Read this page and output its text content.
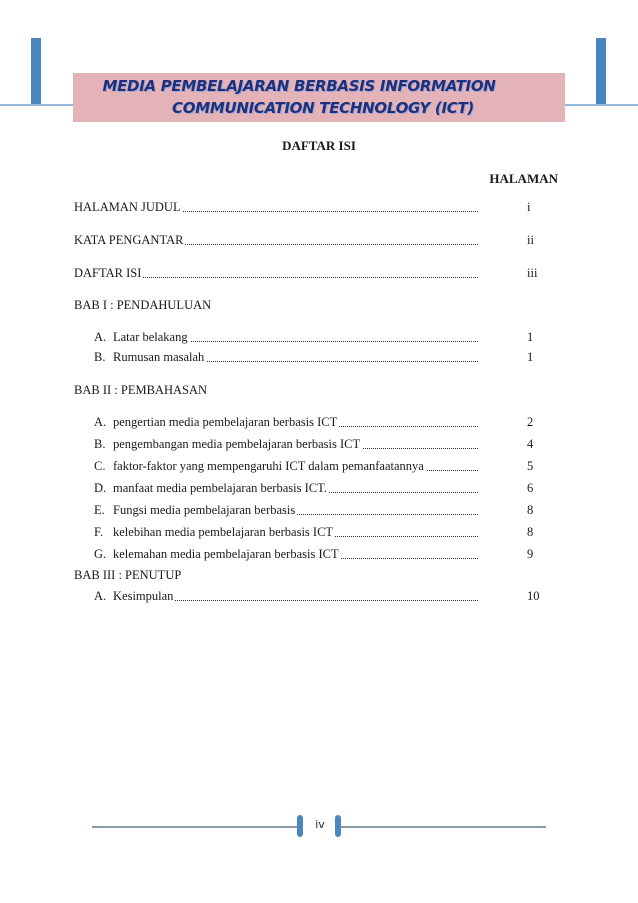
MEDIA PEMBELAJARAN BERBASIS INFORMATION
COMMUNICATION TECHNOLOGY (ICT)
DAFTAR ISI
HALAMAN
HALAMAN JUDUL	i
KATA PENGANTAR	ii
DAFTAR ISI	iii
BAB I : PENDAHULUAN
A. Latar belakang	1
B. Rumusan masalah	1
BAB II : PEMBAHASAN
A. pengertian media pembelajaran berbasis ICT	2
B. pengembangan media pembelajaran berbasis ICT	4
C. faktor-faktor yang mempengaruhi ICT dalam pemanfaatannya	5
D. manfaat media pembelajaran berbasis ICT.	6
E. Fungsi media pembelajaran berbasis	8
F. kelebihan media pembelajaran berbasis ICT	8
G. kelemahan media pembelajaran berbasis ICT	9
BAB III : PENUTUP
A. Kesimpulan	10
iv
